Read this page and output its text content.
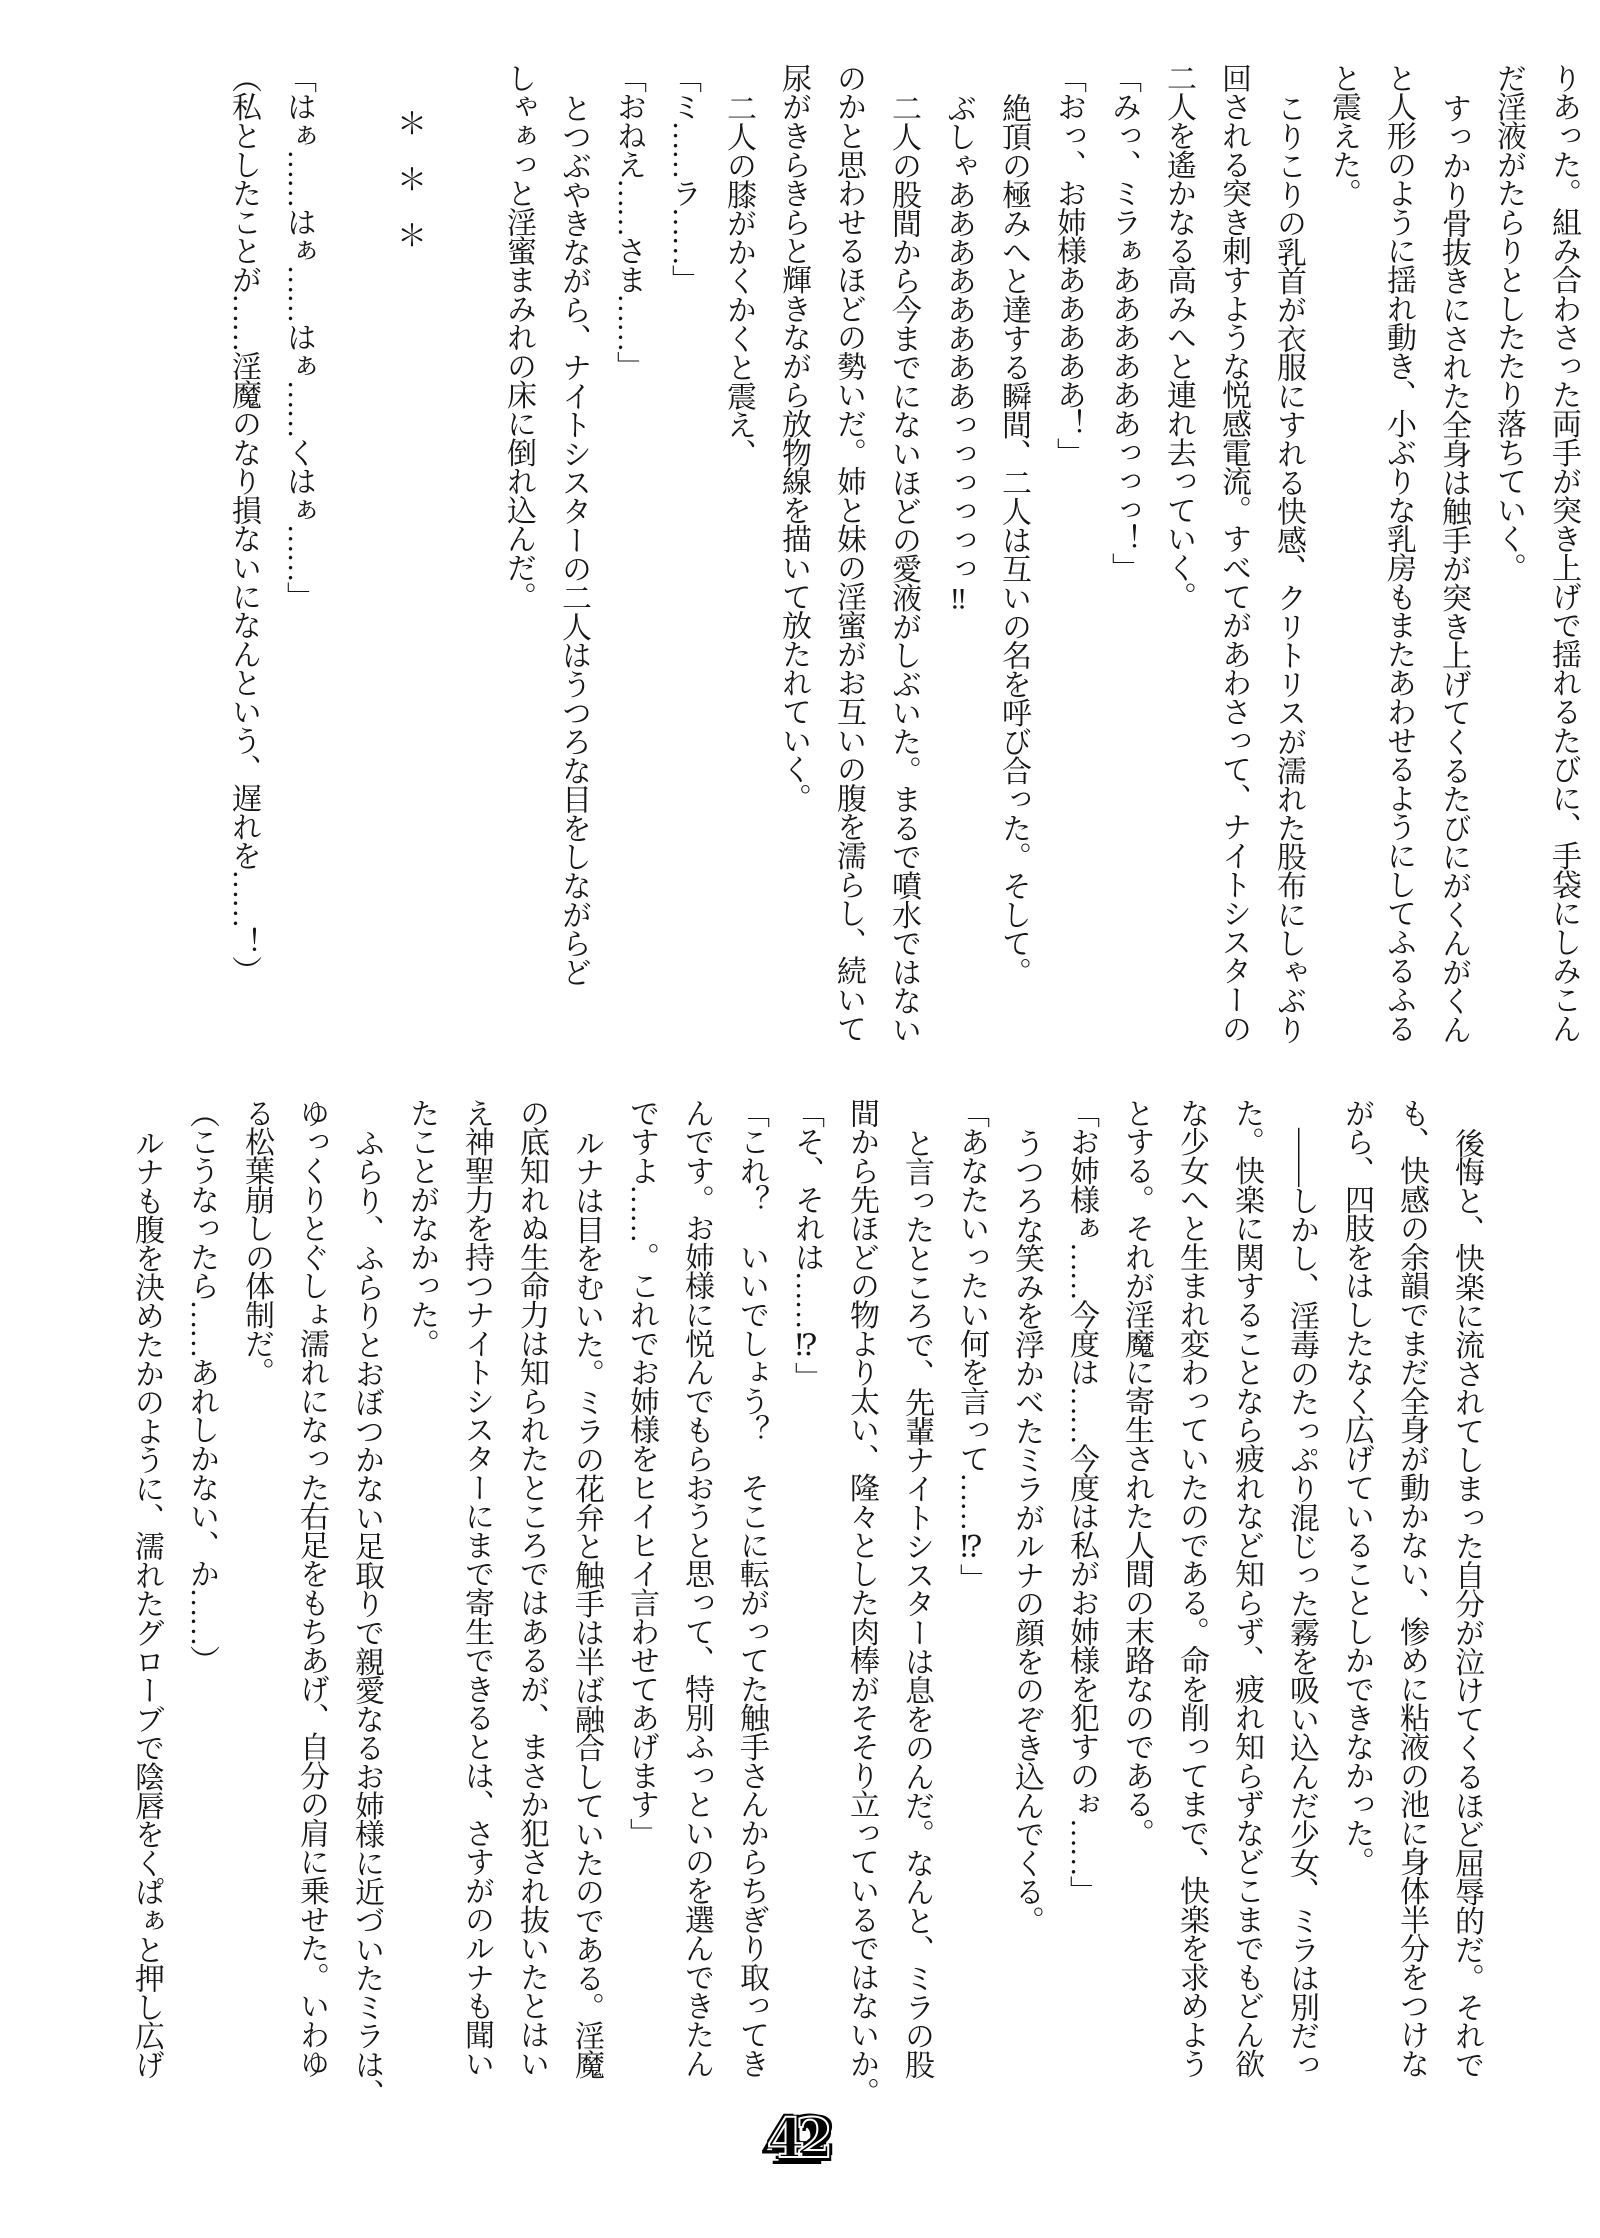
りあった。組み合わさった両手が突き上げで揺れるたびに、手袋にしみこん

だ淫液がたらりとしたたり落ちていく。

すっかり骨抜きにされた全身は触手が突き上げてくるたびにがくんがくん

と人形のように揺れ動き、小ぶりな乳房もまたあわせるようにしてふるふる

と震えた。

こりこりの乳首が衣服にすれる快感、クリトリスが濡れた股布にしゃぶり

回される突き刺すような悦感電流。すべてがあわさって、ナイトシスターの

二人を遙かなる高みへと連れ去っていく。

「みっ、ミラぁああああああっっっ！」

「おっ、お姉様あああああ！」

絶頂の極みへと達する瞬間、二人は互いの名を呼び合った。そして。

ぶしゃああああああああっっっっっっ‼

二人の股間から今までにないほどの愛液がしぶいた。まるで噴水ではない

のかと思わせるほどの勢いだ。姉と妹の淫蜜がお互いの腹を濡らし、続いて

尿がきらきらと輝きながら放物線を描いて放たれていく。

二人の膝がかくかくと震え、

「ミ……ラ……」

「おねえ……さま……」

とつぶやきながら、ナイトシスターの二人はうつろな目をしながらど

しゃぁっと淫蜜まみれの床に倒れ込んだ。

＊＊＊

「はぁ……はぁ……はぁ……くはぁ……」

（私としたことが……淫魔のなり損ないになんという、遅れを……！）

後悔と、快楽に流されてしまった自分が泣けてくるほど屈辱的だ。それで

も、快感の余韻でまだ全身が動かない、惨めに粘液の池に身体半分をつけな

がら、四肢をはしたなく広げていることしかできなかった。

――しかし、淫毒のたっぷり混じった霧を吸い込んだ少女、ミラは別だっ

た。快楽に関することなら疲れなど知らず、疲れ知らずなどこまでもどん欲

な少女へと生まれ変わっていたのである。命を削ってまで、快楽を求めよう

とする。それが淫魔に寄生された人間の末路なのである。

「お姉様ぁ……今度は……今度は私がお姉様を犯すのぉ……」

うつろな笑みを浮かべたミラがルナの顔をのぞき込んでくる。

「あなたいったい何を言って……⁉」

と言ったところで、先輩ナイトシスターは息をのんだ。なんと、ミラの股

間から先ほどの物より太い、隆々とした肉棒がそそり立っているではないか。

「そ、それは……⁉」

「これ？　いいでしょう？　そこに転がってた触手さんからちぎり取ってき

んです。お姉様に悦んでもらおうと思って、特別ふっといのを選んできたん

ですよ……。これでお姉様をヒイヒイ言わせてあげます」

ルナは目をむいた。ミラの花弁と触手は半ば融合していたのである。淫魔

の底知れぬ生命力は知られたところではあるが、まさか犯され抜いたとはい

え神聖力を持つナイトシスターにまで寄生できるとは、さすがのルナも聞い

たことがなかった。

ふらり、ふらりとおぼつかない足取りで親愛なるお姉様に近づいたミラは、

ゆっくりとぐしょ濡れになった右足をもちあげ、自分の肩に乗せた。いわゆ

る松葉崩しの体制だ。

（こうなったら……あれしかない、か……）

ルナも腹を決めたかのように、濡れたグローブで陰唇をくぱぁと押し広げ

42
